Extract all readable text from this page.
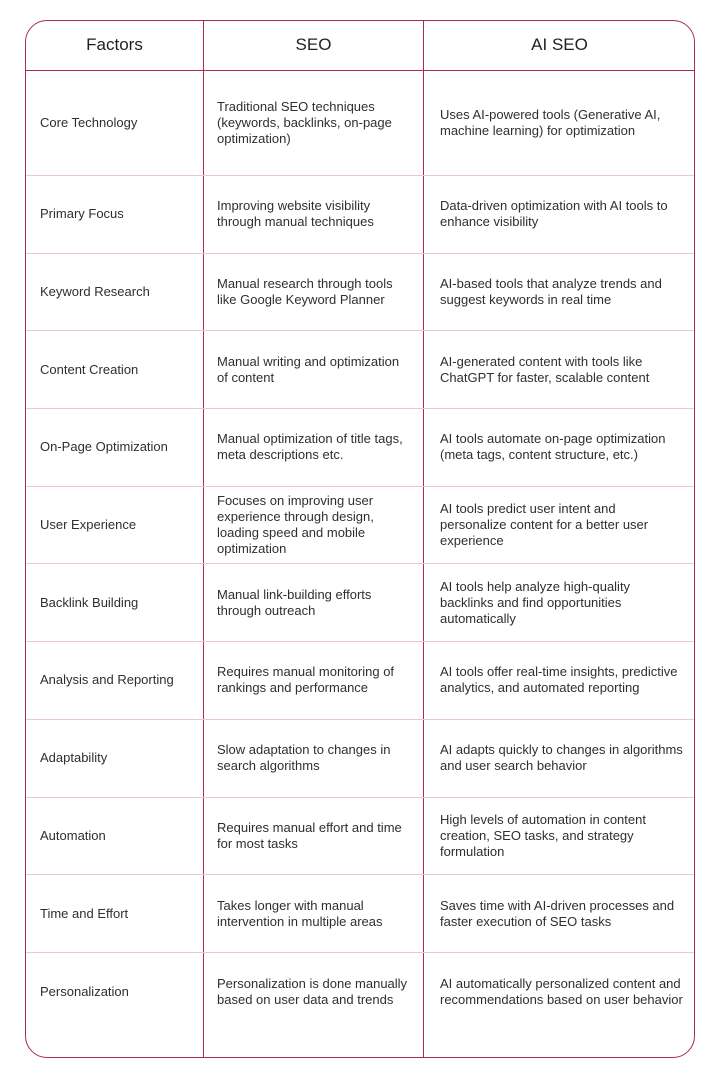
Factors	SEO	AI SEO
Core Technology
Traditional SEO techniques (keywords, backlinks, on-page optimization)
Uses AI-powered tools (Generative AI, machine learning) for optimization
Primary Focus
Improving website visibility through manual techniques
Data-driven optimization with AI tools to enhance visibility
Keyword Research
Manual research through tools like Google Keyword Planner
AI-based tools that analyze trends and suggest keywords in real time
Content Creation
Manual writing and optimization of content
AI-generated content with tools like ChatGPT for faster, scalable content
On-Page Optimization
Manual optimization of title tags, meta descriptions etc.
AI tools automate on-page optimization (meta tags, content structure, etc.)
User Experience
Focuses on improving user experience through design, loading speed and mobile optimization
AI tools predict user intent and personalize content for a better user experience
Backlink Building
Manual link-building efforts through outreach
AI tools help analyze high-quality backlinks and find opportunities automatically
Analysis and Reporting
Requires manual monitoring of rankings and performance
AI tools offer real-time insights, predictive analytics, and automated reporting
Adaptability
Slow adaptation to changes in search algorithms
AI adapts quickly to changes in algorithms and user search behavior
Automation
Requires manual effort and time for most tasks
High levels of automation in content creation, SEO tasks, and strategy formulation
Time and Effort
Takes longer with manual intervention in multiple areas
Saves time with AI-driven processes and faster execution of SEO tasks
Personalization
Personalization is done manually based on user data and trends
AI automatically personalized content and recommendations based on user behavior
